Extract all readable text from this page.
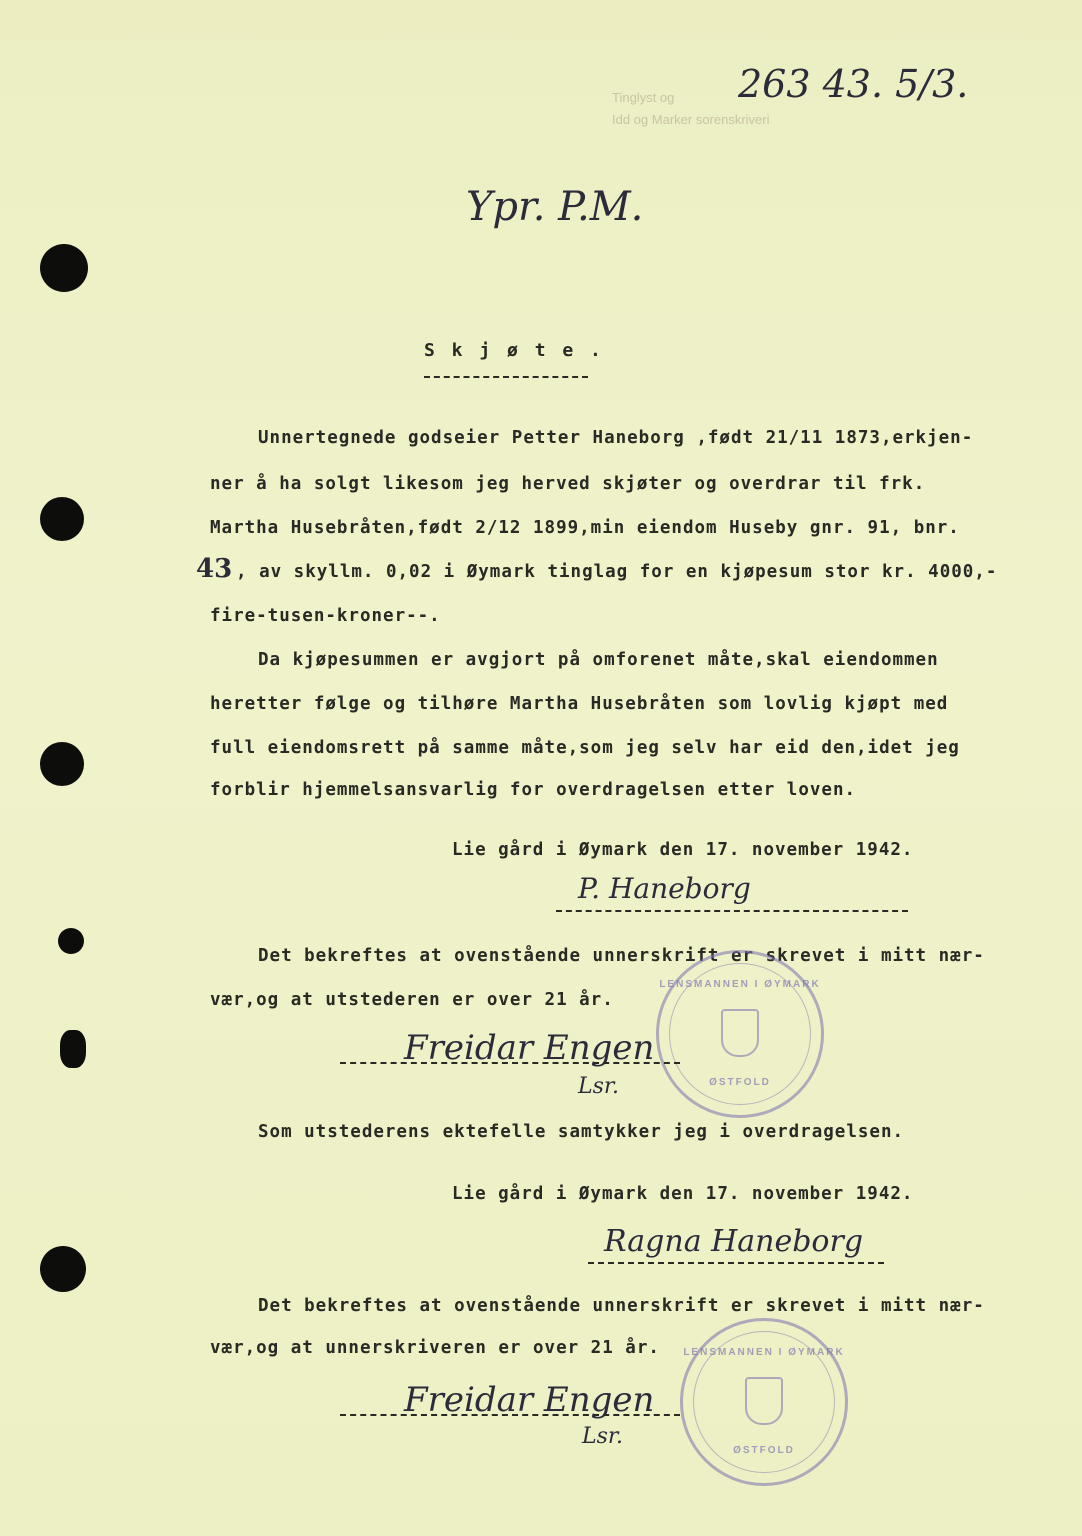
Tinglyst og
Idd og Marker sorenskriveri
263 43. 5/3.
Ypr. P.M.
S k j ø t e .
Unnertegnede godseier Petter Haneborg ,født 21/11 1873,erkjen-
ner å ha solgt likesom jeg herved skjøter og overdrar til frk.
Martha Husebråten,født 2/12 1899,min eiendom Huseby gnr. 91, bnr.
43 , av skyllm. 0,02 i Øymark tinglag for en kjøpesum stor kr. 4000,-
fire-tusen-kroner--.
Da kjøpesummen er avgjort på omforenet måte,skal eiendommen
heretter følge og tilhøre Martha Husebråten som lovlig kjøpt med
full eiendomsrett på samme måte,som jeg selv har eid den,idet jeg
forblir hjemmelsansvarlig for overdragelsen etter loven.
Lie gård i Øymark den 17. november 1942.
P. Haneborg
Det bekreftes at ovenstående unnerskrift er skrevet i mitt nær-
vær,og at utstederen er over 21 år.
LENSMANNEN I ØYMARK
ØSTFOLD
Freidar Engen
Lsr.
Som utstederens ektefelle samtykker jeg i overdragelsen.
Lie gård i Øymark den 17. november 1942.
Ragna Haneborg
Det bekreftes at ovenstående unnerskrift er skrevet i mitt nær-
vær,og at unnerskriveren er over 21 år. LENSMANNEN I ØYMARK
ØSTFOLD
Freidar Engen
Lsr.
